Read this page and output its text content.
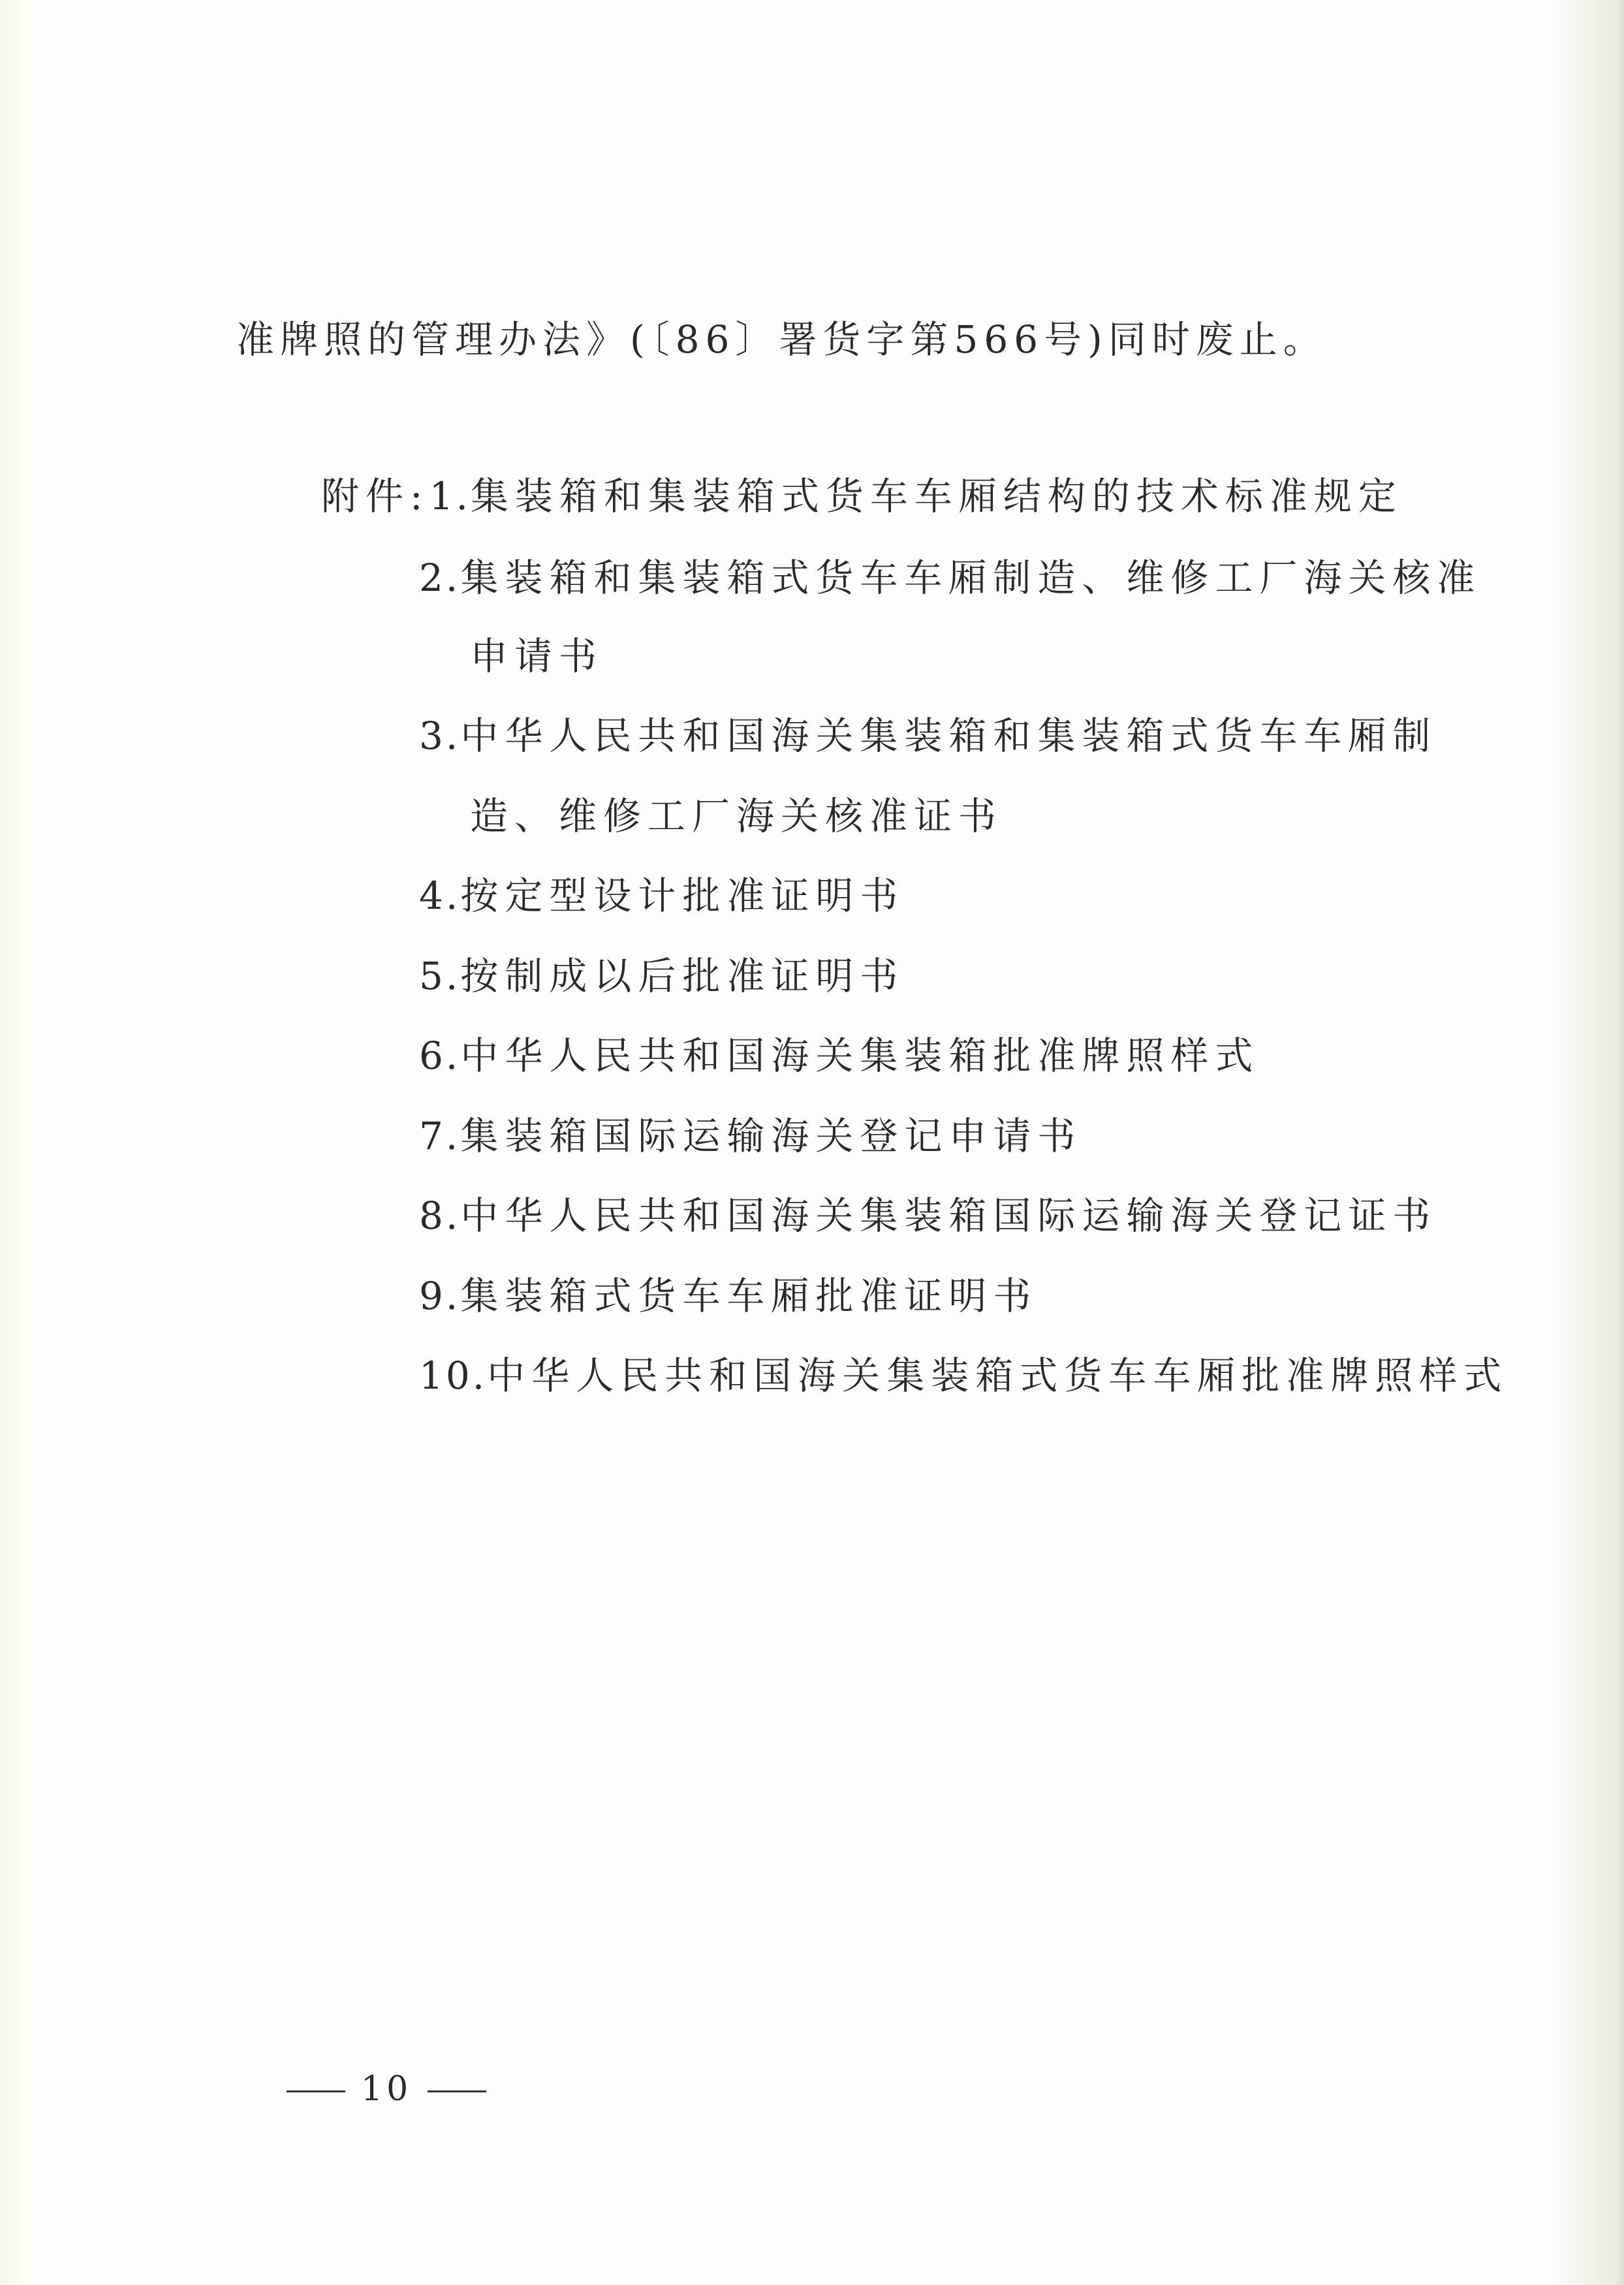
准牌照的管理办法》(〔86〕署货字第566号)同时废止。
附件:1.集装箱和集装箱式货车车厢结构的技术标准规定
2.集装箱和集装箱式货车车厢制造、维修工厂海关核准
申请书
3.中华人民共和国海关集装箱和集装箱式货车车厢制
造、维修工厂海关核准证书
4.按定型设计批准证明书
5.按制成以后批准证明书
6.中华人民共和国海关集装箱批准牌照样式
7.集装箱国际运输海关登记申请书
8.中华人民共和国海关集装箱国际运输海关登记证书
9.集装箱式货车车厢批准证明书
10.中华人民共和国海关集装箱式货车车厢批准牌照样式
10
